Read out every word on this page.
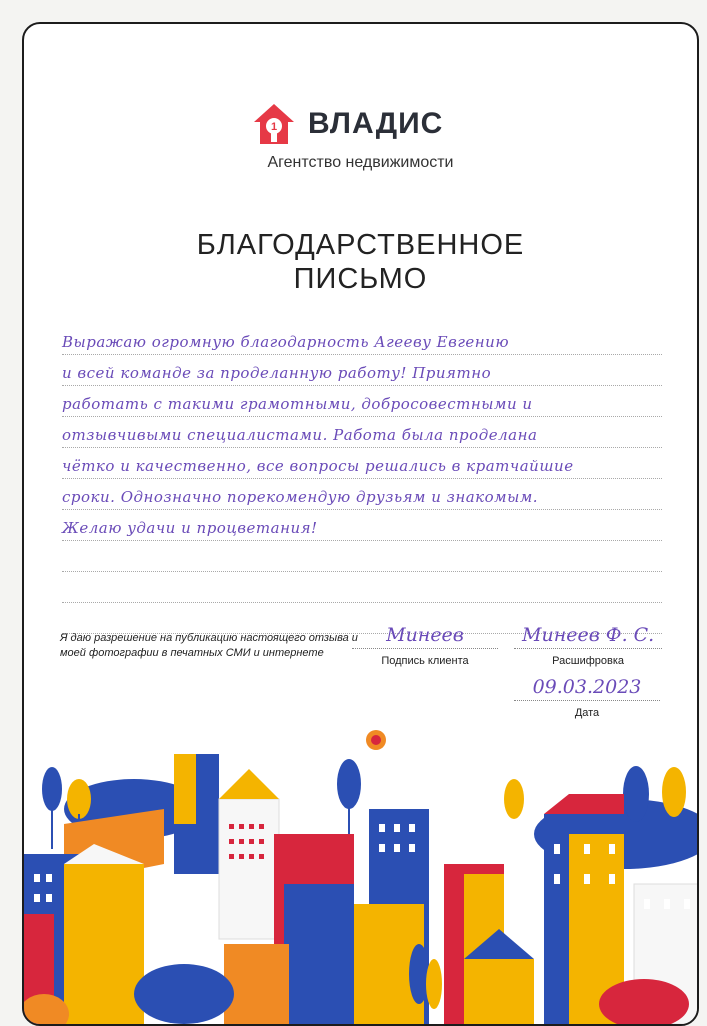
1 ВЛАДИС
Агентство недвижимости
БЛАГОДАРСТВЕННОЕ
ПИСЬМО
Выражаю огромную благодарность Агееву Евгению
и всей команде за проделанную работу! Приятно
работать с такими грамотными, добросовестными и
отзывчивыми специалистами. Работа была проделана
чётко и качественно, все вопросы решались в кратчайшие
сроки. Однозначно порекомендую друзьям и знакомым.
Желаю удачи и процветания!
Я даю разрешение на публикацию настоящего отзыва и моей фотографии в печатных СМИ и интернете
Минеев
Подпись клиента
Минеев Ф. С.
Расшифровка
09.03.2023
Дата
